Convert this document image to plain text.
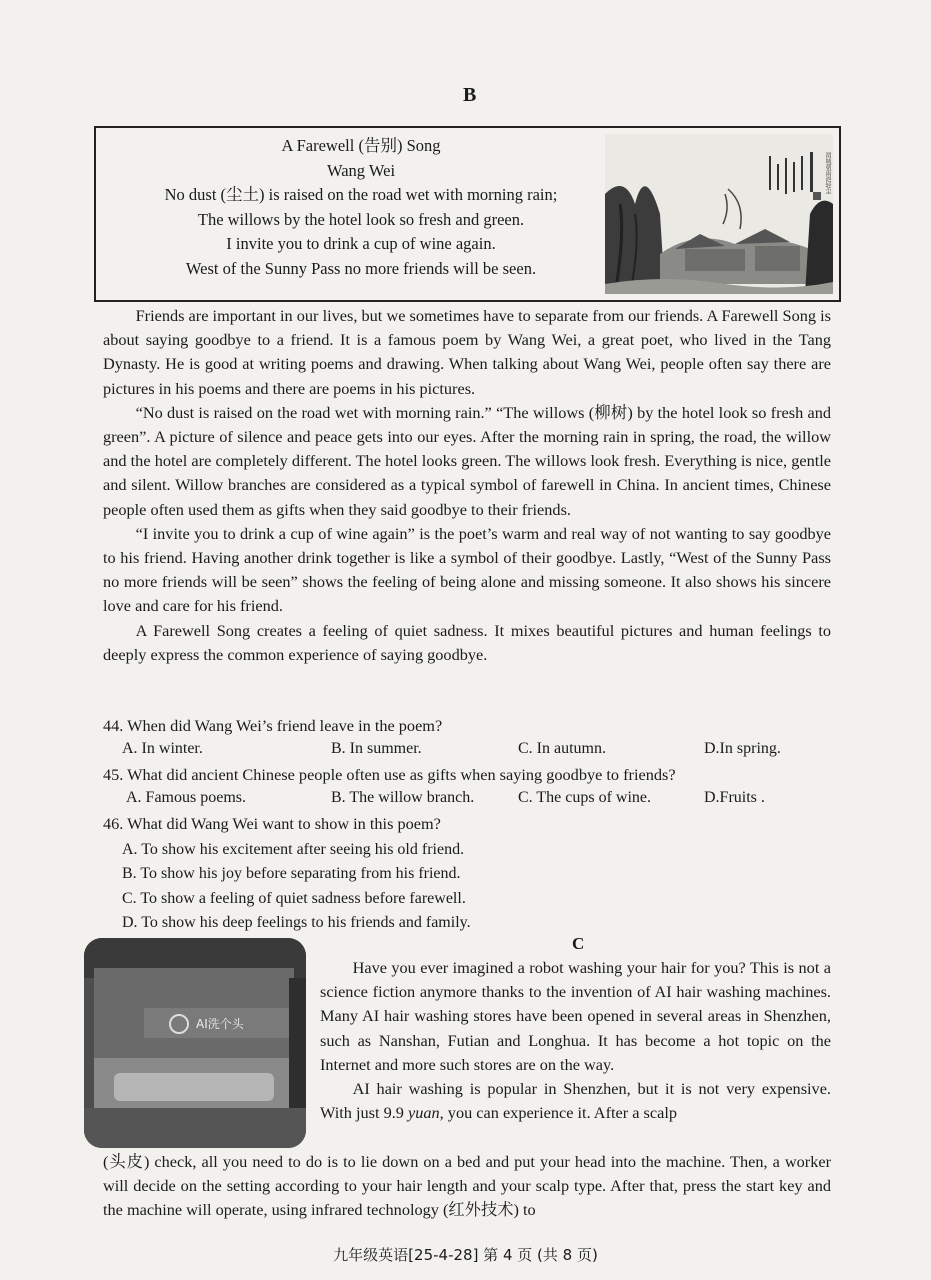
B
A Farewell (告别) Song
Wang Wei
No dust (尘土) is raised on the road wet with morning rain;
The willows by the hotel look so fresh and green.
I invite you to drink a cup of wine again.
West of the Sunny Pass no more friends will be seen.
渭城朝雨浥轻尘

Friends are important in our lives, but we sometimes have to separate from our friends. A Farewell Song is about saying goodbye to a friend. It is a famous poem by Wang Wei, a great poet, who lived in the Tang Dynasty. He is good at writing poems and drawing. When talking about Wang Wei, people often say there are pictures in his poems and there are poems in his pictures.

“No dust is raised on the road wet with morning rain.” “The willows (柳树) by the hotel look so fresh and green”. A picture of silence and peace gets into our eyes. After the morning rain in spring, the road, the willow and the hotel are completely different. The hotel looks green. The willows look fresh. Everything is nice, gentle and silent. Willow branches are considered as a typical symbol of farewell in China. In ancient times, Chinese people often used them as gifts when they said goodbye to their friends.

“I invite you to drink a cup of wine again” is the poet’s warm and real way of not wanting to say goodbye to his friend. Having another drink together is like a symbol of their goodbye. Lastly, “West of the Sunny Pass no more friends will be seen” shows the feeling of being alone and missing someone. It also shows his sincere love and care for his friend.

A Farewell Song creates a feeling of quiet sadness. It mixes beautiful pictures and human feelings to deeply express the common experience of saying goodbye.

44. When did Wang Wei’s friend leave in the poem?
A. In winter.	B. In summer.	C. In autumn.	D.In spring.
45. What did ancient Chinese people often use as gifts when saying goodbye to friends?
A. Famous poems.	B. The willow branch.	C. The cups of wine.	D.Fruits .
46. What did Wang Wei want to show in this poem?
A. To show his excitement after seeing his old friend.
B. To show his joy before separating from his friend.
C. To show a feeling of quiet sadness before farewell.
D. To show his deep feelings to his friends and family.
C
AI洗个头

Have you ever imagined a robot washing your hair for you? This is not a science fiction anymore thanks to the invention of AI hair washing machines. Many AI hair washing stores have been opened in several areas in Shenzhen, such as Nanshan, Futian and Longhua. It has become a hot topic on the Internet and more such stores are on the way.

AI hair washing is popular in Shenzhen, but it is not very expensive. With just 9.9 yuan, you can experience it. After a scalp

(头皮) check, all you need to do is to lie down on a bed and put your head into the machine. Then, a worker will decide on the setting according to your hair length and your scalp type. After that, press the start key and the machine will operate, using infrared technology (红外技术) to
九年级英语[25-4-28] 第 4 页 (共 8 页)
